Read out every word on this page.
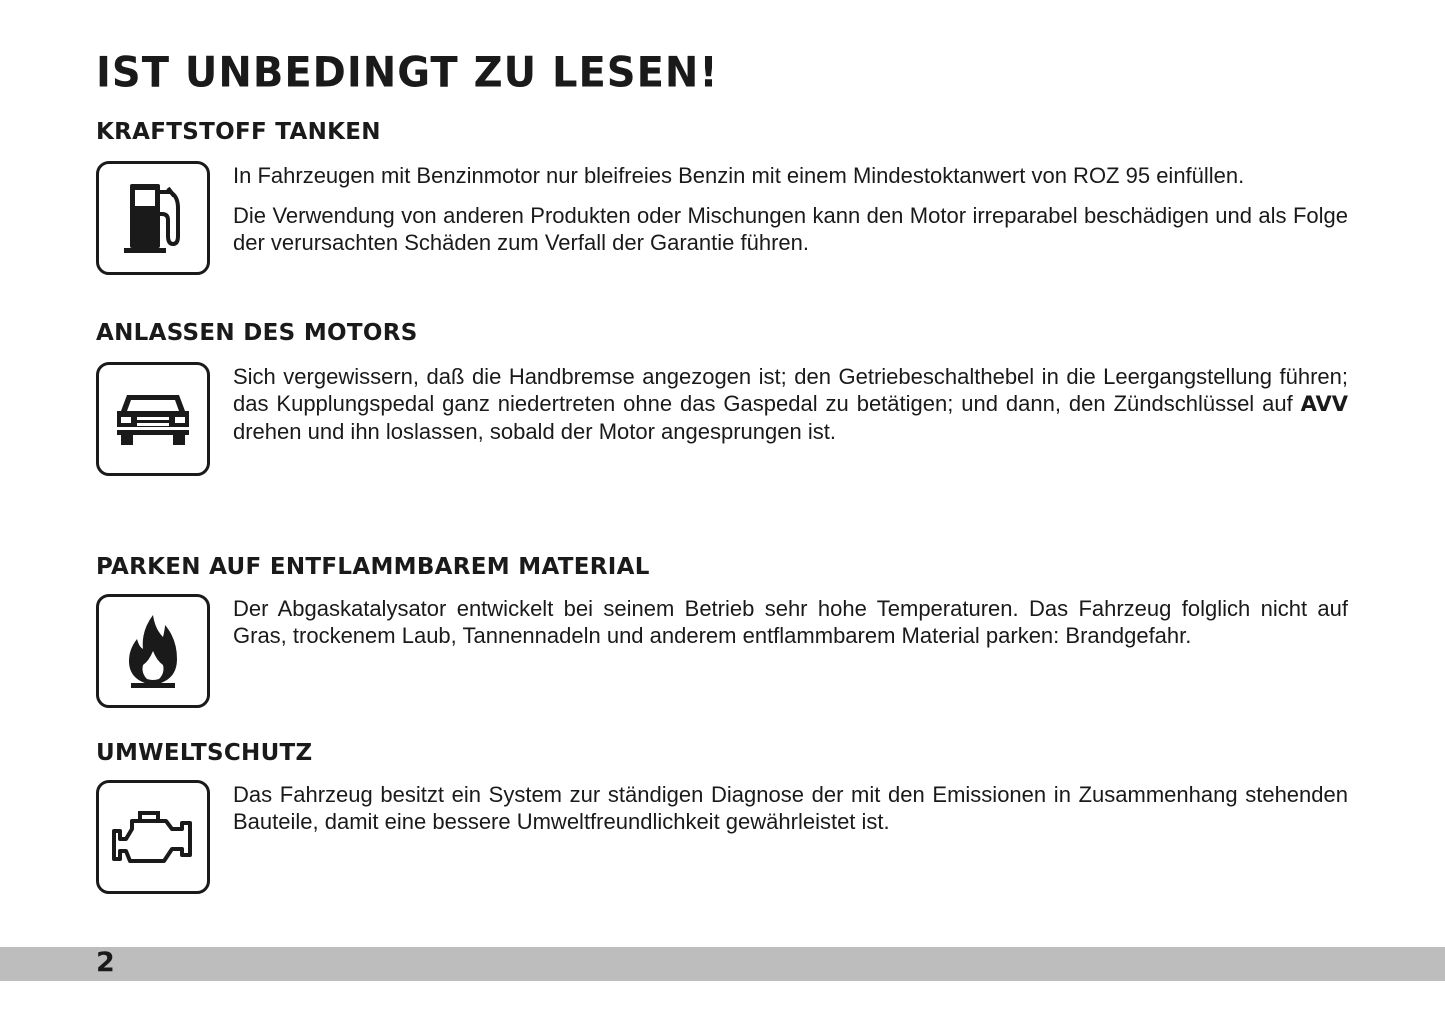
IST UNBEDINGT ZU LESEN!
KRAFTSTOFF TANKEN

In Fahrzeugen mit Benzinmotor nur bleifreies Benzin mit einem Mindestoktanwert von ROZ 95 einfüllen.

Die Verwendung von anderen Produkten oder Mischungen kann den Motor irreparabel beschädigen und als Folge der verursachten Schäden zum Verfall der Garantie führen.

ANLASSEN DES MOTORS

Sich vergewissern, daß die Handbremse angezogen ist; den Getriebeschalthebel in die Leergangstellung führen; das Kupplungspedal ganz niedertreten ohne das Gaspedal zu betätigen; und dann, den Zündschlüssel auf AVV drehen und ihn loslassen, sobald der Motor angesprungen ist.

PARKEN AUF ENTFLAMMBAREM MATERIAL

Der Abgaskatalysator entwickelt bei seinem Betrieb sehr hohe Temperaturen. Das Fahrzeug folglich nicht auf Gras, trockenem Laub, Tannennadeln und anderem entflammbarem Material parken: Brandgefahr.

UMWELTSCHUTZ

Das Fahrzeug besitzt ein System zur ständigen Diagnose der mit den Emissionen in Zusammenhang stehenden Bauteile, damit eine bessere Umweltfreundlichkeit gewährleistet ist.

2
